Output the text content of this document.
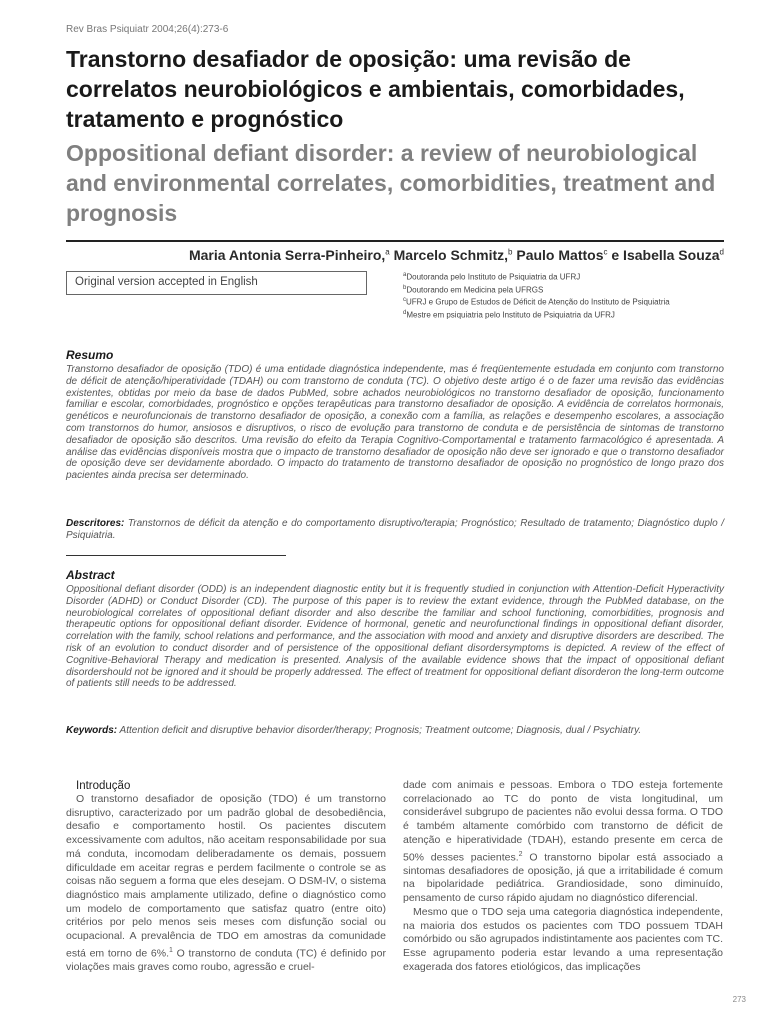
Rev Bras Psiquiatr 2004;26(4):273-6
Transtorno desafiador de oposição: uma revisão de correlatos neurobiológicos e ambientais, comorbidades, tratamento e prognóstico
Oppositional defiant disorder: a review of neurobiological and environmental correlates, comorbidities, treatment and prognosis
Maria Antonia Serra-Pinheiro,$^a$ Marcelo Schmitz,$^b$ Paulo Mattos$^c$ e Isabella Souza$^d$
Original version accepted in English
$^a$Doutoranda pelo Instituto de Psiquiatria da UFRJ
$^b$Doutorando em Medicina pela UFRGS
$^c$UFRJ e Grupo de Estudos de Déficit de Atenção do Instituto de Psiquiatria
$^d$Mestre em psiquiatria pelo Instituto de Psiquiatria da UFRJ
Resumo

Transtorno desafiador de oposição (TDO) é uma entidade diagnóstica independente, mas é freqüentemente estudada em conjunto com transtorno de déficit de atenção/hiperatividade (TDAH) ou com transtorno de conduta (TC). O objetivo deste artigo é o de fazer uma revisão das evidências existentes, obtidas por meio da base de dados PubMed, sobre achados neurobiológicos no transtorno desafiador de oposição, funcionamento familiar e escolar, comorbidades, prognóstico e opções terapêuticas para transtorno desafiador de oposição. A evidência de correlatos hormonais, genéticos e neurofuncionais de transtorno desafiador de oposição, a conexão com a família, as relações e desempenho escolares, a associação com transtornos do humor, ansiosos e disruptivos, o risco de evolução para transtorno de conduta e de persistência de sintomas de transtorno desafiador de oposição são descritos. Uma revisão do efeito da Terapia Cognitivo-Comportamental e tratamento farmacológico é apresentada. A análise das evidências disponíveis mostra que o impacto de transtorno desafiador de oposição não deve ser ignorado e que o transtorno desafiador de oposição deve ser devidamente abordado. O impacto do tratamento de transtorno desafiador de oposição no prognóstico de longo prazo dos pacientes ainda precisa ser determinado.

Descritores: Transtornos de déficit da atenção e do comportamento disruptivo/terapia; Prognóstico; Resultado de tratamento; Diagnóstico duplo / Psiquiatria.

Abstract

Oppositional defiant disorder (ODD) is an independent diagnostic entity but it is frequently studied in conjunction with Attention-Deficit Hyperactivity Disorder (ADHD) or Conduct Disorder (CD). The purpose of this paper is to review the extant evidence, through the PubMed database, on the neurobiological correlates of oppositional defiant disorder and also describe the familiar and school functioning, comorbidities, prognosis and therapeutic options for oppositional defiant disorder. Evidence of hormonal, genetic and neurofunctional findings in oppositional defiant disorder, correlation with the family, school relations and performance, and the association with mood and anxiety and disruptive disorders are described. The risk of an evolution to conduct disorder and of persistence of the oppositional defiant disordersymptoms is depicted. A review of the effect of Cognitive-Behavioral Therapy and medication is presented. Analysis of the available evidence shows that the impact of oppositional defiant disordershould not be ignored and it should be properly addressed. The effect of treatment for oppositional defiant disorderon the long-term outcome of patients still needs to be addressed.

Keywords: Attention deficit and disruptive behavior disorder/therapy; Prognosis; Treatment outcome; Diagnosis, dual / Psychiatry.

Introdução

O transtorno desafiador de oposição (TDO) é um transtorno disruptivo, caracterizado por um padrão global de desobediência, desafio e comportamento hostil. Os pacientes discutem excessivamente com adultos, não aceitam responsabilidade por sua má conduta, incomodam deliberadamente os demais, possuem dificuldade em aceitar regras e perdem facilmente o controle se as coisas não seguem a forma que eles desejam. O DSM-IV, o sistema diagnóstico mais amplamente utilizado, define o diagnóstico como um modelo de comportamento que satisfaz quatro (entre oito) critérios por pelo menos seis meses com disfunção social ou ocupacional. A prevalência de TDO em amostras da comunidade está em torno de 6%.$^1$ O transtorno de conduta (TC) é definido por violações mais graves como roubo, agressão e cruel-

dade com animais e pessoas. Embora o TDO esteja fortemente correlacionado ao TC do ponto de vista longitudinal, um considerável subgrupo de pacientes não evolui dessa forma. O TDO é também altamente comórbido com transtorno de déficit de atenção e hiperatividade (TDAH), estando presente em cerca de 50% desses pacientes.$^2$ O transtorno bipolar está associado a sintomas desafiadores de oposição, já que a irritabilidade é comum na bipolaridade pediátrica. Grandiosidade, sono diminuído, pensamento de curso rápido ajudam no diagnóstico diferencial.

Mesmo que o TDO seja uma categoria diagnóstica independente, na maioria dos estudos os pacientes com TDO possuem TDAH comórbido ou são agrupados indistintamente aos pacientes com TC. Esse agrupamento poderia estar levando a uma representação exagerada dos fatores etiológicos, das implicações

273
